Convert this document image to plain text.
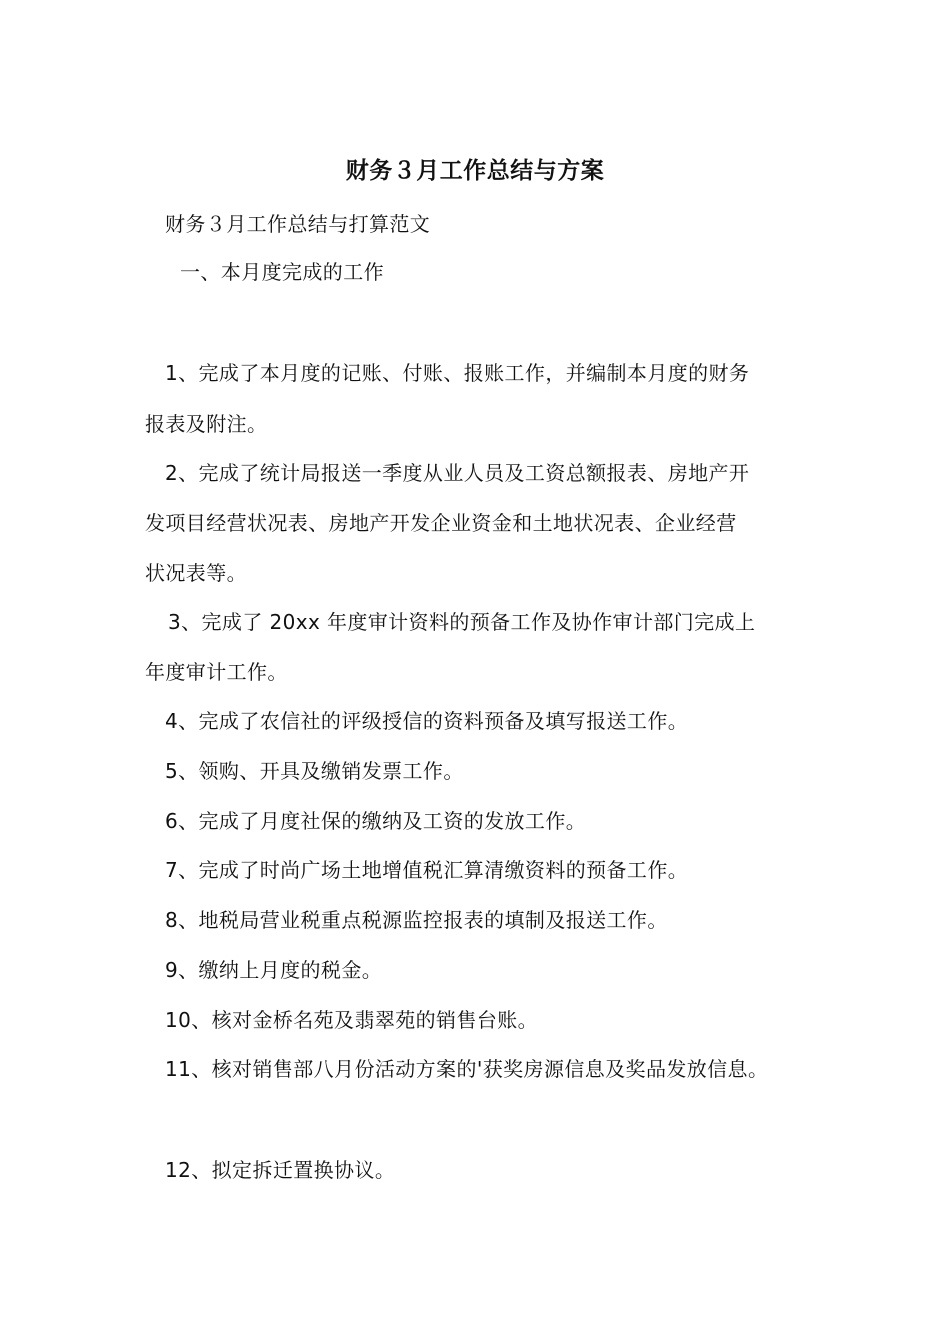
财务３月工作总结与方案
财务３月工作总结与打算范文
一、本月度完成的工作
1、完成了本月度的记账、付账、报账工作，并编制本月度的财务
报表及附注。
2、完成了统计局报送一季度从业人员及工资总额报表、房地产开
发项目经营状况表、房地产开发企业资金和土地状况表、企业经营
状况表等。
3、完成了 20xx 年度审计资料的预备工作及协作审计部门完成上
年度审计工作。
4、完成了农信社的评级授信的资料预备及填写报送工作。
5、领购、开具及缴销发票工作。
6、完成了月度社保的缴纳及工资的发放工作。
7、完成了时尚广场土地增值税汇算清缴资料的预备工作。
8、地税局营业税重点税源监控报表的填制及报送工作。
9、缴纳上月度的税金。
10、核对金桥名苑及翡翠苑的销售台账。
11、核对销售部八月份活动方案的'获奖房源信息及奖品发放信息。
12、拟定拆迁置换协议。
